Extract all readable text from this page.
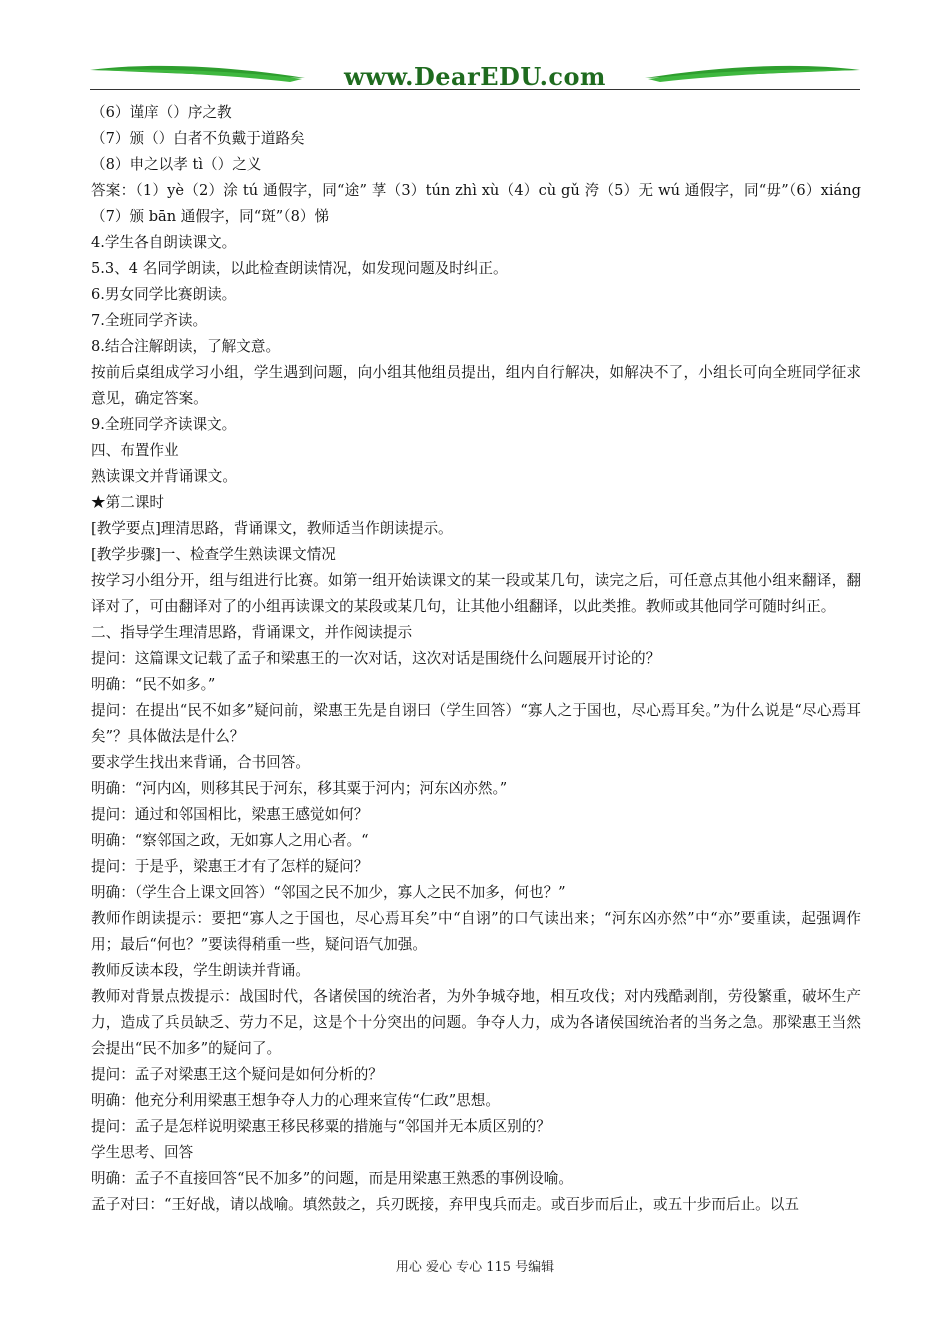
www.DearEDU.com
（6）谨庠（）序之教
（7）颁（）白者不负戴于道路矣
（8）申之以孝 tì（）之义
答案：（1）yè（2）涂 tú 通假字，同“途” 莩（3）tún zhì xù（4）cù gǔ 洿（5）无 wú 通假字，同“毋”（6）xiáng（7）颁 bān 通假字，同“斑”（8）悌
4.学生各自朗读课文。
5.3、4 名同学朗读，以此检查朗读情况，如发现问题及时纠正。
6.男女同学比赛朗读。
7.全班同学齐读。
8.结合注解朗读，了解文意。
按前后桌组成学习小组，学生遇到问题，向小组其他组员提出，组内自行解决，如解决不了，小组长可向全班同学征求意见，确定答案。
9.全班同学齐读课文。
四、布置作业
熟读课文并背诵课文。
★第二课时
[教学要点]理清思路，背诵课文，教师适当作朗读提示。
[教学步骤]一、检查学生熟读课文情况
按学习小组分开，组与组进行比赛。如第一组开始读课文的某一段或某几句，读完之后，可任意点其他小组来翻译，翻译对了，可由翻译对了的小组再读课文的某段或某几句，让其他小组翻译，以此类推。教师或其他同学可随时纠正。
二、指导学生理清思路，背诵课文，并作阅读提示
提问：这篇课文记载了孟子和梁惠王的一次对话，这次对话是围绕什么问题展开讨论的？
明确：“民不如多。”
提问：在提出“民不如多”疑问前，梁惠王先是自诩曰（学生回答）“寡人之于国也，尽心焉耳矣。”为什么说是“尽心焉耳矣”？具体做法是什么？
要求学生找出来背诵，合书回答。
明确：“河内凶，则移其民于河东，移其粟于河内；河东凶亦然。”
提问：通过和邻国相比，梁惠王感觉如何？
明确：“察邻国之政，无如寡人之用心者。“
提问：于是乎，梁惠王才有了怎样的疑问？
明确：（学生合上课文回答）“邻国之民不加少，寡人之民不加多，何也？”
教师作朗读提示：要把“寡人之于国也，尽心焉耳矣”中“自诩”的口气读出来；“河东凶亦然”中“亦”要重读，起强调作用；最后“何也？”要读得稍重一些，疑问语气加强。
教师反读本段，学生朗读并背诵。
教师对背景点拨提示：战国时代，各诸侯国的统治者，为外争城夺地，相互攻伐；对内残酷剥削，劳役繁重，破坏生产力，造成了兵员缺乏、劳力不足，这是个十分突出的问题。争夺人力，成为各诸侯国统治者的当务之急。那梁惠王当然会提出“民不加多”的疑问了。
提问：孟子对梁惠王这个疑问是如何分析的？
明确：他充分利用梁惠王想争夺人力的心理来宣传“仁政”思想。
提问：孟子是怎样说明梁惠王移民移粟的措施与“邻国并无本质区别的？
学生思考、回答
明确：孟子不直接回答“民不加多”的问题，而是用梁惠王熟悉的事例设喻。
孟子对曰：“王好战，请以战喻。填然鼓之，兵刃既接，弃甲曳兵而走。或百步而后止，或五十步而后止。以五
用心 爱心 专心 115 号编辑
